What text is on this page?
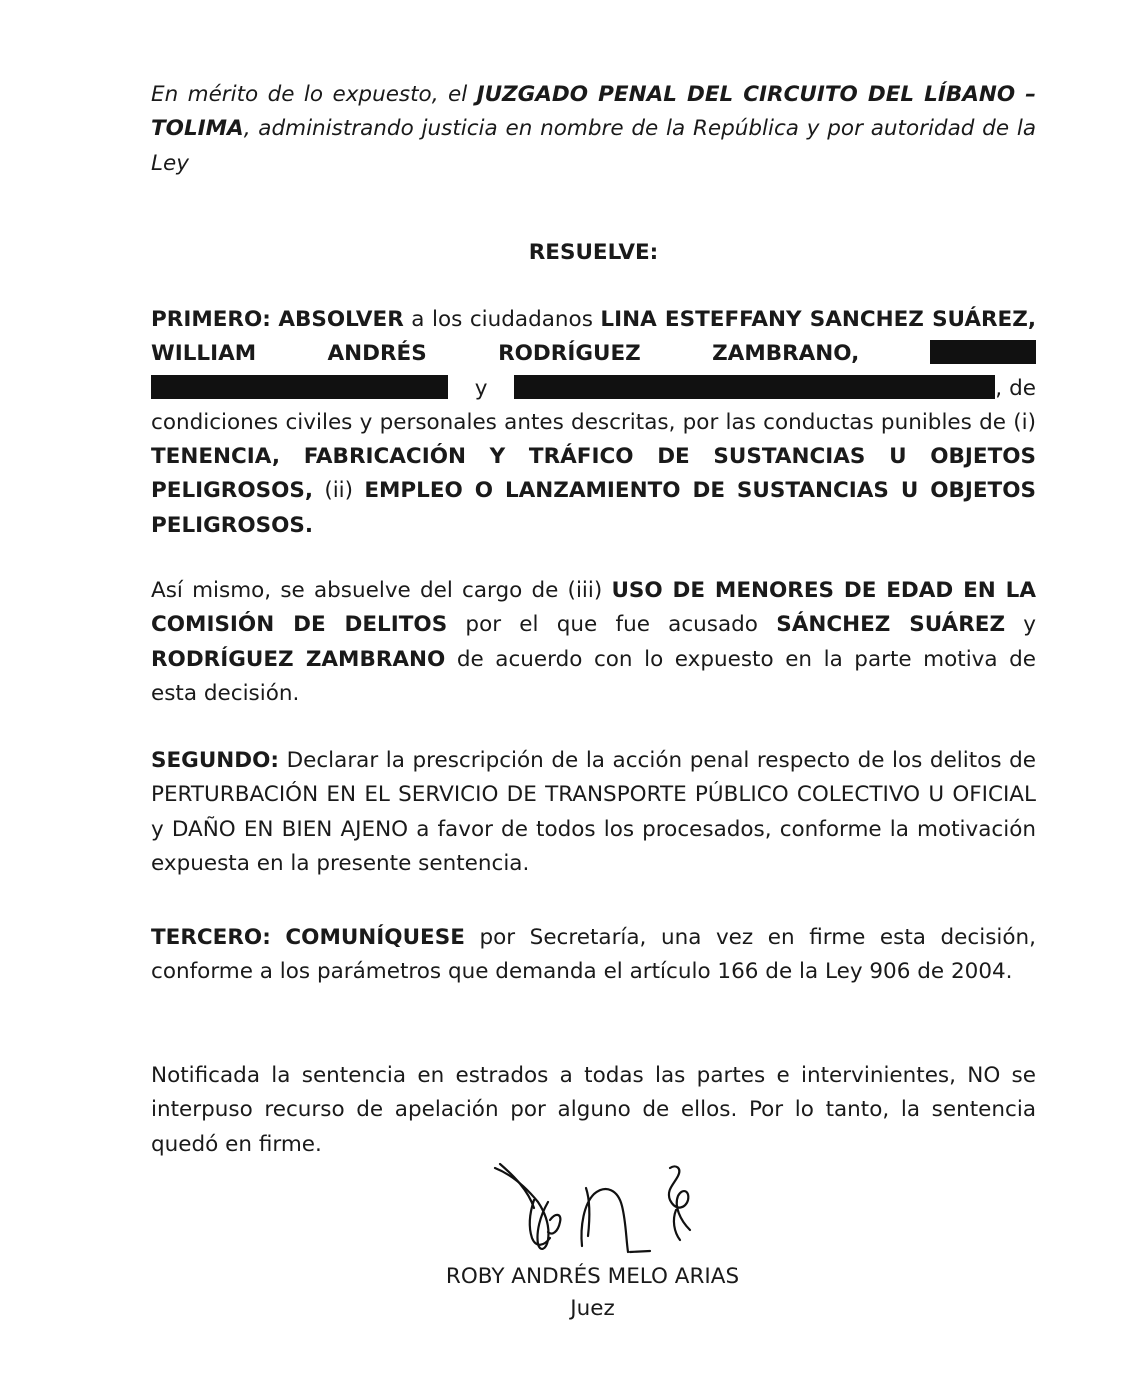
En mérito de lo expuesto, el JUZGADO PENAL DEL CIRCUITO DEL LÍBANO – TOLIMA, administrando justicia en nombre de la República y por autoridad de la Ley

RESUELVE:

PRIMERO: ABSOLVER a los ciudadanos LINA ESTEFFANY SANCHEZ SUÁREZ, WILLIAM ANDRÉS RODRÍGUEZ ZAMBRANO,   y	, de condiciones civiles y personales antes descritas, por las conductas punibles de (i) TENENCIA, FABRICACIÓN Y TRÁFICO DE SUSTANCIAS U OBJETOS PELIGROSOS, (ii) EMPLEO O LANZAMIENTO DE SUSTANCIAS U OBJETOS PELIGROSOS.

Así mismo, se absuelve del cargo de (iii) USO DE MENORES DE EDAD EN LA COMISIÓN DE DELITOS por el que fue acusado SÁNCHEZ SUÁREZ y RODRÍGUEZ ZAMBRANO de acuerdo con lo expuesto en la parte motiva de esta decisión.

SEGUNDO: Declarar la prescripción de la acción penal respecto de los delitos de PERTURBACIÓN EN EL SERVICIO DE TRANSPORTE PÚBLICO COLECTIVO U OFICIAL y DAÑO EN BIEN AJENO a favor de todos los procesados, conforme la motivación expuesta en la presente sentencia.

TERCERO: COMUNÍQUESE por Secretaría, una vez en firme esta decisión, conforme a los parámetros que demanda el artículo 166 de la Ley 906 de 2004.

Notificada la sentencia en estrados a todas las partes e intervinientes, NO se interpuso recurso de apelación por alguno de ellos. Por lo tanto, la sentencia quedó en firme.

ROBY ANDRÉS MELO ARIAS
Juez
